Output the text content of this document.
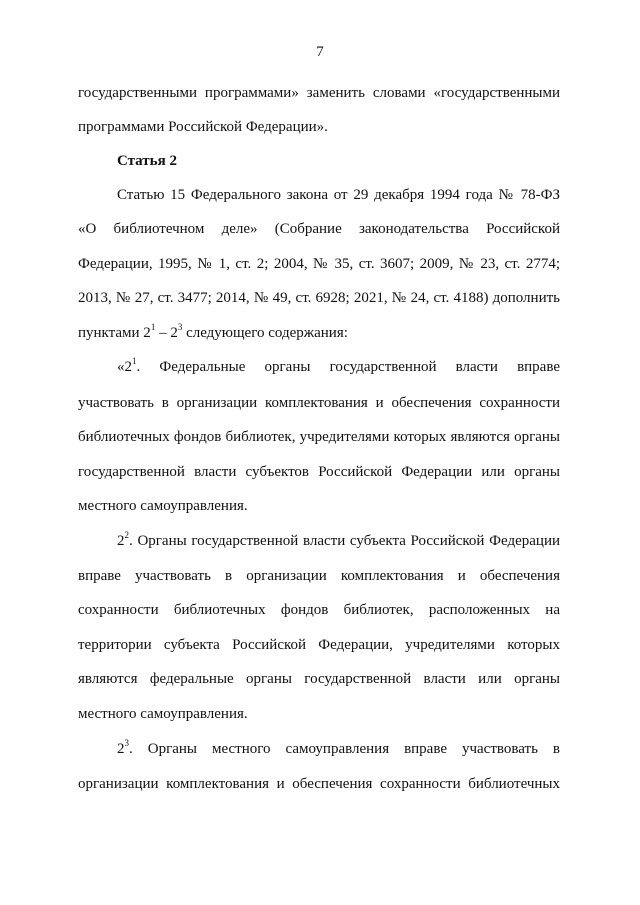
7
государственными программами» заменить словами «государственными
программами Российской Федерации».
Статья 2
Статью 15 Федерального закона от 29 декабря 1994 года № 78-ФЗ
«О библиотечном деле» (Собрание законодательства Российской
Федерации, 1995, № 1, ст. 2; 2004, № 35, ст. 3607; 2009, № 23, ст. 2774;
2013, № 27, ст. 3477; 2014, № 49, ст. 6928; 2021, № 24, ст. 4188) дополнить
пунктами $2^1 - 2^3$ следующего содержания:
«$2^1$. Федеральные органы государственной власти вправе
участвовать в организации комплектования и обеспечения сохранности
библиотечных фондов библиотек, учредителями которых являются органы
государственной власти субъектов Российской Федерации или органы
местного самоуправления.
$2^2$. Органы государственной власти субъекта Российской Федерации
вправе участвовать в организации комплектования и обеспечения
сохранности библиотечных фондов библиотек, расположенных на
территории субъекта Российской Федерации, учредителями которых
являются федеральные органы государственной власти или органы
местного самоуправления.
$2^3$. Органы местного самоуправления вправе участвовать в
организации комплектования и обеспечения сохранности библиотечных
